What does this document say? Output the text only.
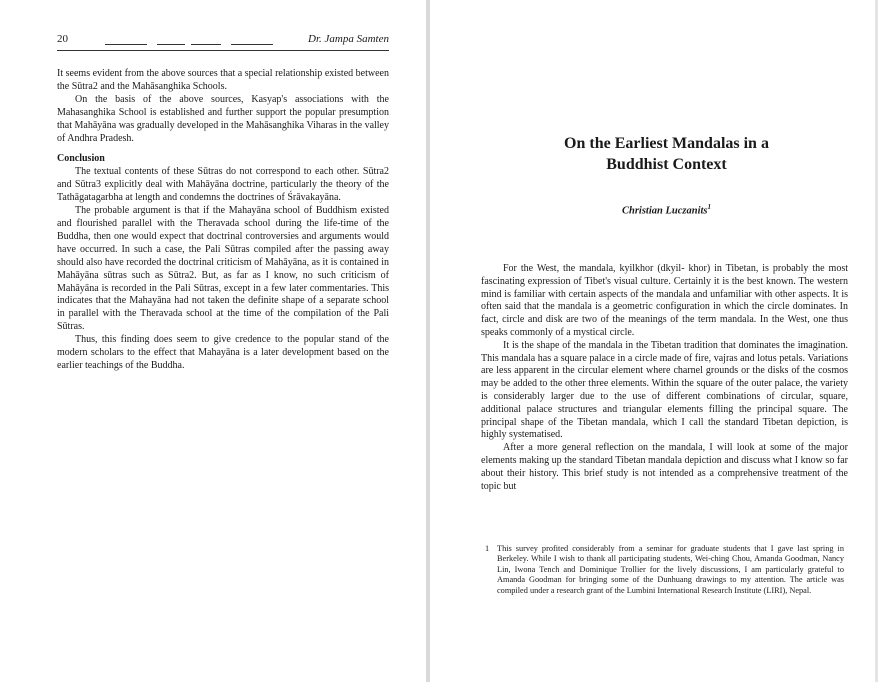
20	Dr. Jampa Samten

It seems evident from the above sources that a special relationship existed between the Sūtra2 and the Mahāsanghika Schools.

On the basis of the above sources, Kasyap's associations with the Mahasanghika School is established and further support the popular presumption that Mahāyāna was gradually developed in the Mahāsanghika Viharas in the valley of Andhra Pradesh.

Conclusion

The textual contents of these Sūtras do not correspond to each other. Sūtra2 and Sūtra3 explicitly deal with Mahāyāna doctrine, particularly the theory of the Tathāgatagarbha at length and condemns the doctrines of Śrāvakayāna.

The probable argument is that if the Mahayāna school of Buddhism existed and flourished parallel with the Theravada school during the life-time of the Buddha, then one would expect that doctrinal controversies and arguments would have occurred. In such a case, the Pali Sūtras compiled after the passing away should also have recorded the doctrinal criticism of Mahāyāna, as it is contained in Mahāyāna sūtras such as Sūtra2. But, as far as I know, no such criticism of Mahāyāna is recorded in the Pali Sūtras, except in a few later commentaries. This indicates that the Mahayāna had not taken the definite shape of a separate school in parallel with the Theravada school at the time of the compilation of the Pali Sūtras.

Thus, this finding does seem to give credence to the popular stand of the modern scholars to the effect that Mahayāna is a later development based on the earlier teachings of the Buddha.

On the Earliest Mandalas in a
Buddhist Context
Christian Luczanits$^1$

For the West, the mandala, kyilkhor (dkyil- khor) in Tibetan, is probably the most fascinating expression of Tibet's visual culture. Certainly it is the best known. The western mind is familiar with certain aspects of the mandala and unfamiliar with other aspects. It is often said that the mandala is a geometric configuration in which the circle dominates. In fact, circle and disk are two of the meanings of the term mandala. In the West, one thus speaks commonly of a mystical circle.

It is the shape of the mandala in the Tibetan tradition that dominates the imagination. This mandala has a square palace in a circle made of fire, vajras and lotus petals. Variations are less apparent in the circular element where charnel grounds or the disks of the cosmos may be added to the other three elements. Within the square of the outer palace, the variety is considerably larger due to the use of different combinations of circular, square, additional palace structures and triangular elements filling the principal square. The principal shape of the Tibetan mandala, which I call the standard Tibetan depiction, is highly systematised.

After a more general reflection on the mandala, I will look at some of the major elements making up the standard Tibetan mandala depiction and discuss what I know so far about their history. This brief study is not intended as a comprehensive treatment of the topic but

1 This survey profited considerably from a seminar for graduate students that I gave last spring in Berkeley. While I wish to thank all participating students, Wei-ching Chou, Amanda Goodman, Nancy Lin, Iwona Tench and Dominique Trollier for the lively discussions, I am particularly grateful to Amanda Goodman for bringing some of the Dunhuang drawings to my attention. The article was compiled under a research grant of the Lumbini International Research Institute (LIRI), Nepal.
